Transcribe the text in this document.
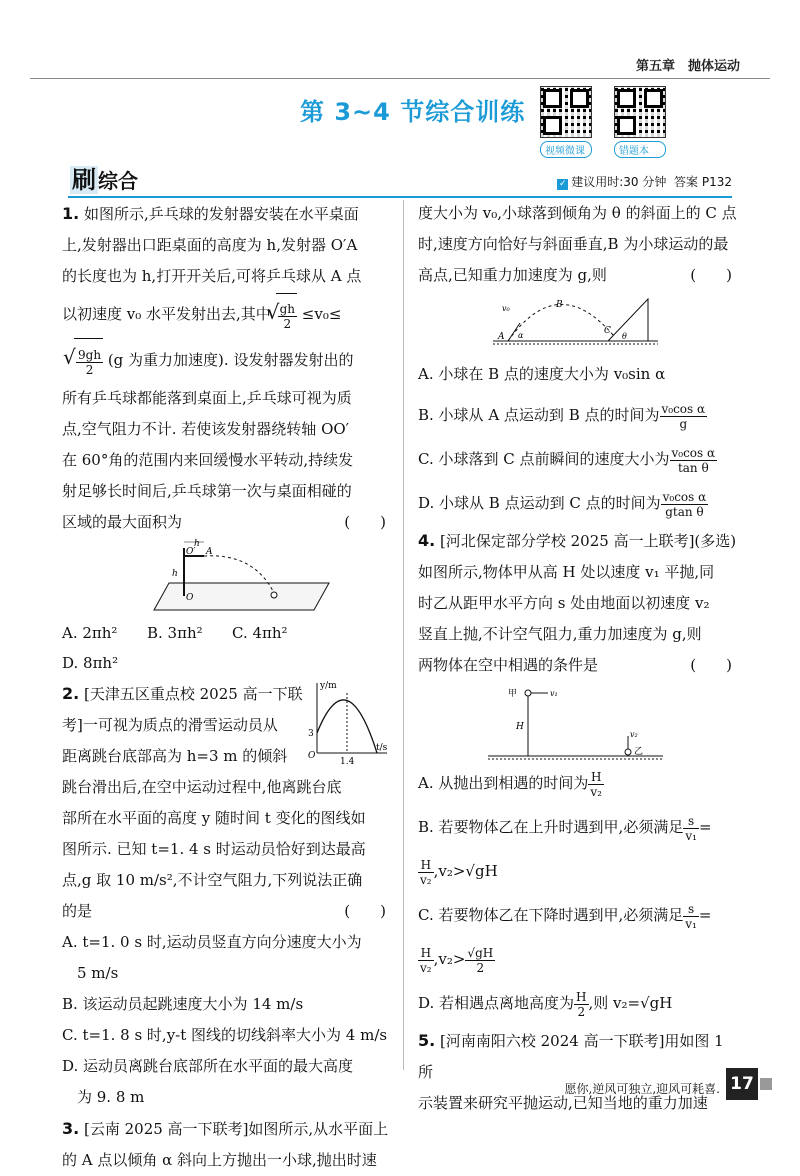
第五章　抛体运动
第 3~4 节综合训练
视频微课	错题本
刷 综合	✓ 建议用时:30 分钟 答案 P132

1. 如图所示,乒乓球的发射器安装在水平桌面

上,发射器出口距桌面的高度为 h,发射器 O′A

的长度也为 h,打开开关后,可将乒乓球从 A 点

以初速度 v₀ 水平发射出去,其中
√
$\frac{gh}{2} \le v_0\le$

√ $\frac{9gh}{2} (g$ 为重力加速度). 设发射器发射出的

所有乒乓球都能落到桌面上,乒乓球可视为质

点,空气阻力不计. 若使该发射器绕转轴 OO′

在 60°角的范围内来回缓慢水平转动,持续发

射足够长时间后,乒乓球第一次与桌面相碰的

区域的最大面积为	(　　)

O′ A
O
h
h

A. 2πh² B. 3πh² C. 4πh²D. 8πh²

y/m
t/s
3
1.4
O

2. [天津五区重点校 2025 高一下联

考]一可视为质点的滑雪运动员从

距离跳台底部高为 h=3 m 的倾斜

跳台滑出后,在空中运动过程中,他离跳台底

部所在水平面的高度 y 随时间 t 变化的图线如

图所示. 已知 t=1. 4 s 时运动员恰好到达最高

点,g 取 10 m/s²,不计空气阻力,下列说法正确

的是	(　　)

A. t=1. 0 s 时,运动员竖直方向分速度大小为

　5 m/s

B. 该运动员起跳速度大小为 14 m/s

C. t=1. 8 s 时,y-t 图线的切线斜率大小为 4 m/s

D. 运动员离跳台底部所在水平面的最大高度

　为 9. 8 m

3. [云南 2025 高一下联考]如图所示,从水平面上

的 A 点以倾角 α 斜向上方抛出一小球,抛出时速

度大小为 v₀,小球落到倾角为 θ 的斜面上的 C 点

时,速度方向恰好与斜面垂直,B 为小球运动的最

高点,已知重力加速度为 g,则	(　　)

A α
v₀	B
C
θ

A. 小球在 B 点的速度大小为 v₀sin α

B. 小球从 A 点运动到 B 点的时间为 $\frac{\text{v₀cos α}}{g}$

C. 小球落到 C 点前瞬间的速度大小为 $\frac{\text{v₀cos α}}{\text{tan θ}}$

D. 小球从 B 点运动到 C 点的时间为 $\frac{\text{v₀cos α}}{\text{gtan θ}}$

4. [河北保定部分学校 2025 高一上联考](多选)

如图所示,物体甲从高 H 处以速度 v₁ 平抛,同

时乙从距甲水平方向 s 处由地面以初速度 v₂

竖直上抛,不计空气阻力,重力加速度为 g,则

两物体在空中相遇的条件是	(　　)

甲	v₁
H
v₂
乙

A. 从抛出到相遇的时间为 $\frac{H}{\text{v₂}}$

B. 若要物体乙在上升时遇到甲,必须满足 $\frac{s}{\text{v₁}}$ =

$\frac{H}{\text{v₂}} ,v_2>√gH$

C. 若要物体乙在下降时遇到甲,必须满足 $\frac{s}{\text{v₁}}$ =

$\frac{H}{\text{v₂}} ,v_2> \frac{√gH}{2}$

D. 若相遇点离地高度为 $\frac{H}{2}$ ,则 v₂=√gH

5. [河南南阳六校 2024 高一下联考]用如图 1 所

示装置来研究平抛运动,已知当地的重力加速

愿你,逆风可独立,迎风可耗喜. 17
